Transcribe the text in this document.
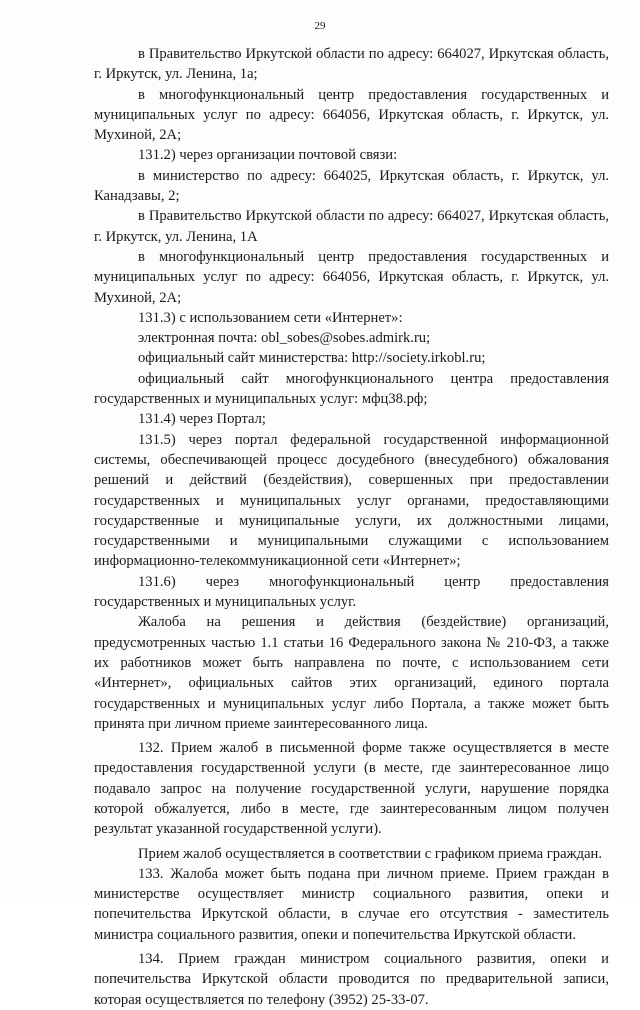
29

в Правительство Иркутской области по адресу: 664027, Иркутская область, г. Иркутск, ул. Ленина, 1а;

в многофункциональный центр предоставления государственных и муниципальных услуг по адресу: 664056, Иркутская область, г. Иркутск, ул. Мухиной, 2А;

131.2) через организации почтовой связи:

в министерство по адресу: 664025, Иркутская область, г. Иркутск, ул. Канадзавы, 2;

в Правительство Иркутской области по адресу: 664027, Иркутская область, г. Иркутск, ул. Ленина, 1А

в многофункциональный центр предоставления государственных и муниципальных услуг по адресу: 664056, Иркутская область, г. Иркутск, ул. Мухиной, 2А;

131.3) с использованием сети «Интернет»:

электронная почта: obl_sobes@sobes.admirk.ru;

официальный сайт министерства: http://society.irkobl.ru;

официальный сайт многофункционального центра предоставления государственных и муниципальных услуг: мфц38.рф;

131.4) через Портал;

131.5) через портал федеральной государственной информационной системы, обеспечивающей процесс досудебного (внесудебного) обжалования решений и действий (бездействия), совершенных при предоставлении государственных и муниципальных услуг органами, предоставляющими государственные и муниципальные услуги, их должностными лицами, государственными и муниципальными служащими с использованием информационно-телекоммуникационной сети «Интернет»;

131.6) через многофункциональный центр предоставления государственных и муниципальных услуг.

Жалоба на решения и действия (бездействие) организаций, предусмотренных частью 1.1 статьи 16 Федерального закона № 210-ФЗ, а также их работников может быть направлена по почте, с использованием сети «Интернет», официальных сайтов этих организаций, единого портала государственных и муниципальных услуг либо Портала, а также может быть принята при личном приеме заинтересованного лица.

132. Прием жалоб в письменной форме также осуществляется в месте предоставления государственной услуги (в месте, где заинтересованное лицо подавало запрос на получение государственной услуги, нарушение порядка которой обжалуется, либо в месте, где заинтересованным лицом получен результат указанной государственной услуги).

Прием жалоб осуществляется в соответствии с графиком приема граждан.

133. Жалоба может быть подана при личном приеме. Прием граждан в министерстве осуществляет министр социального развития, опеки и попечительства Иркутской области, в случае его отсутствия - заместитель министра социального развития, опеки и попечительства Иркутской области.

134. Прием граждан министром социального развития, опеки и попечительства Иркутской области проводится по предварительной записи, которая осуществляется по телефону (3952) 25-33-07.
